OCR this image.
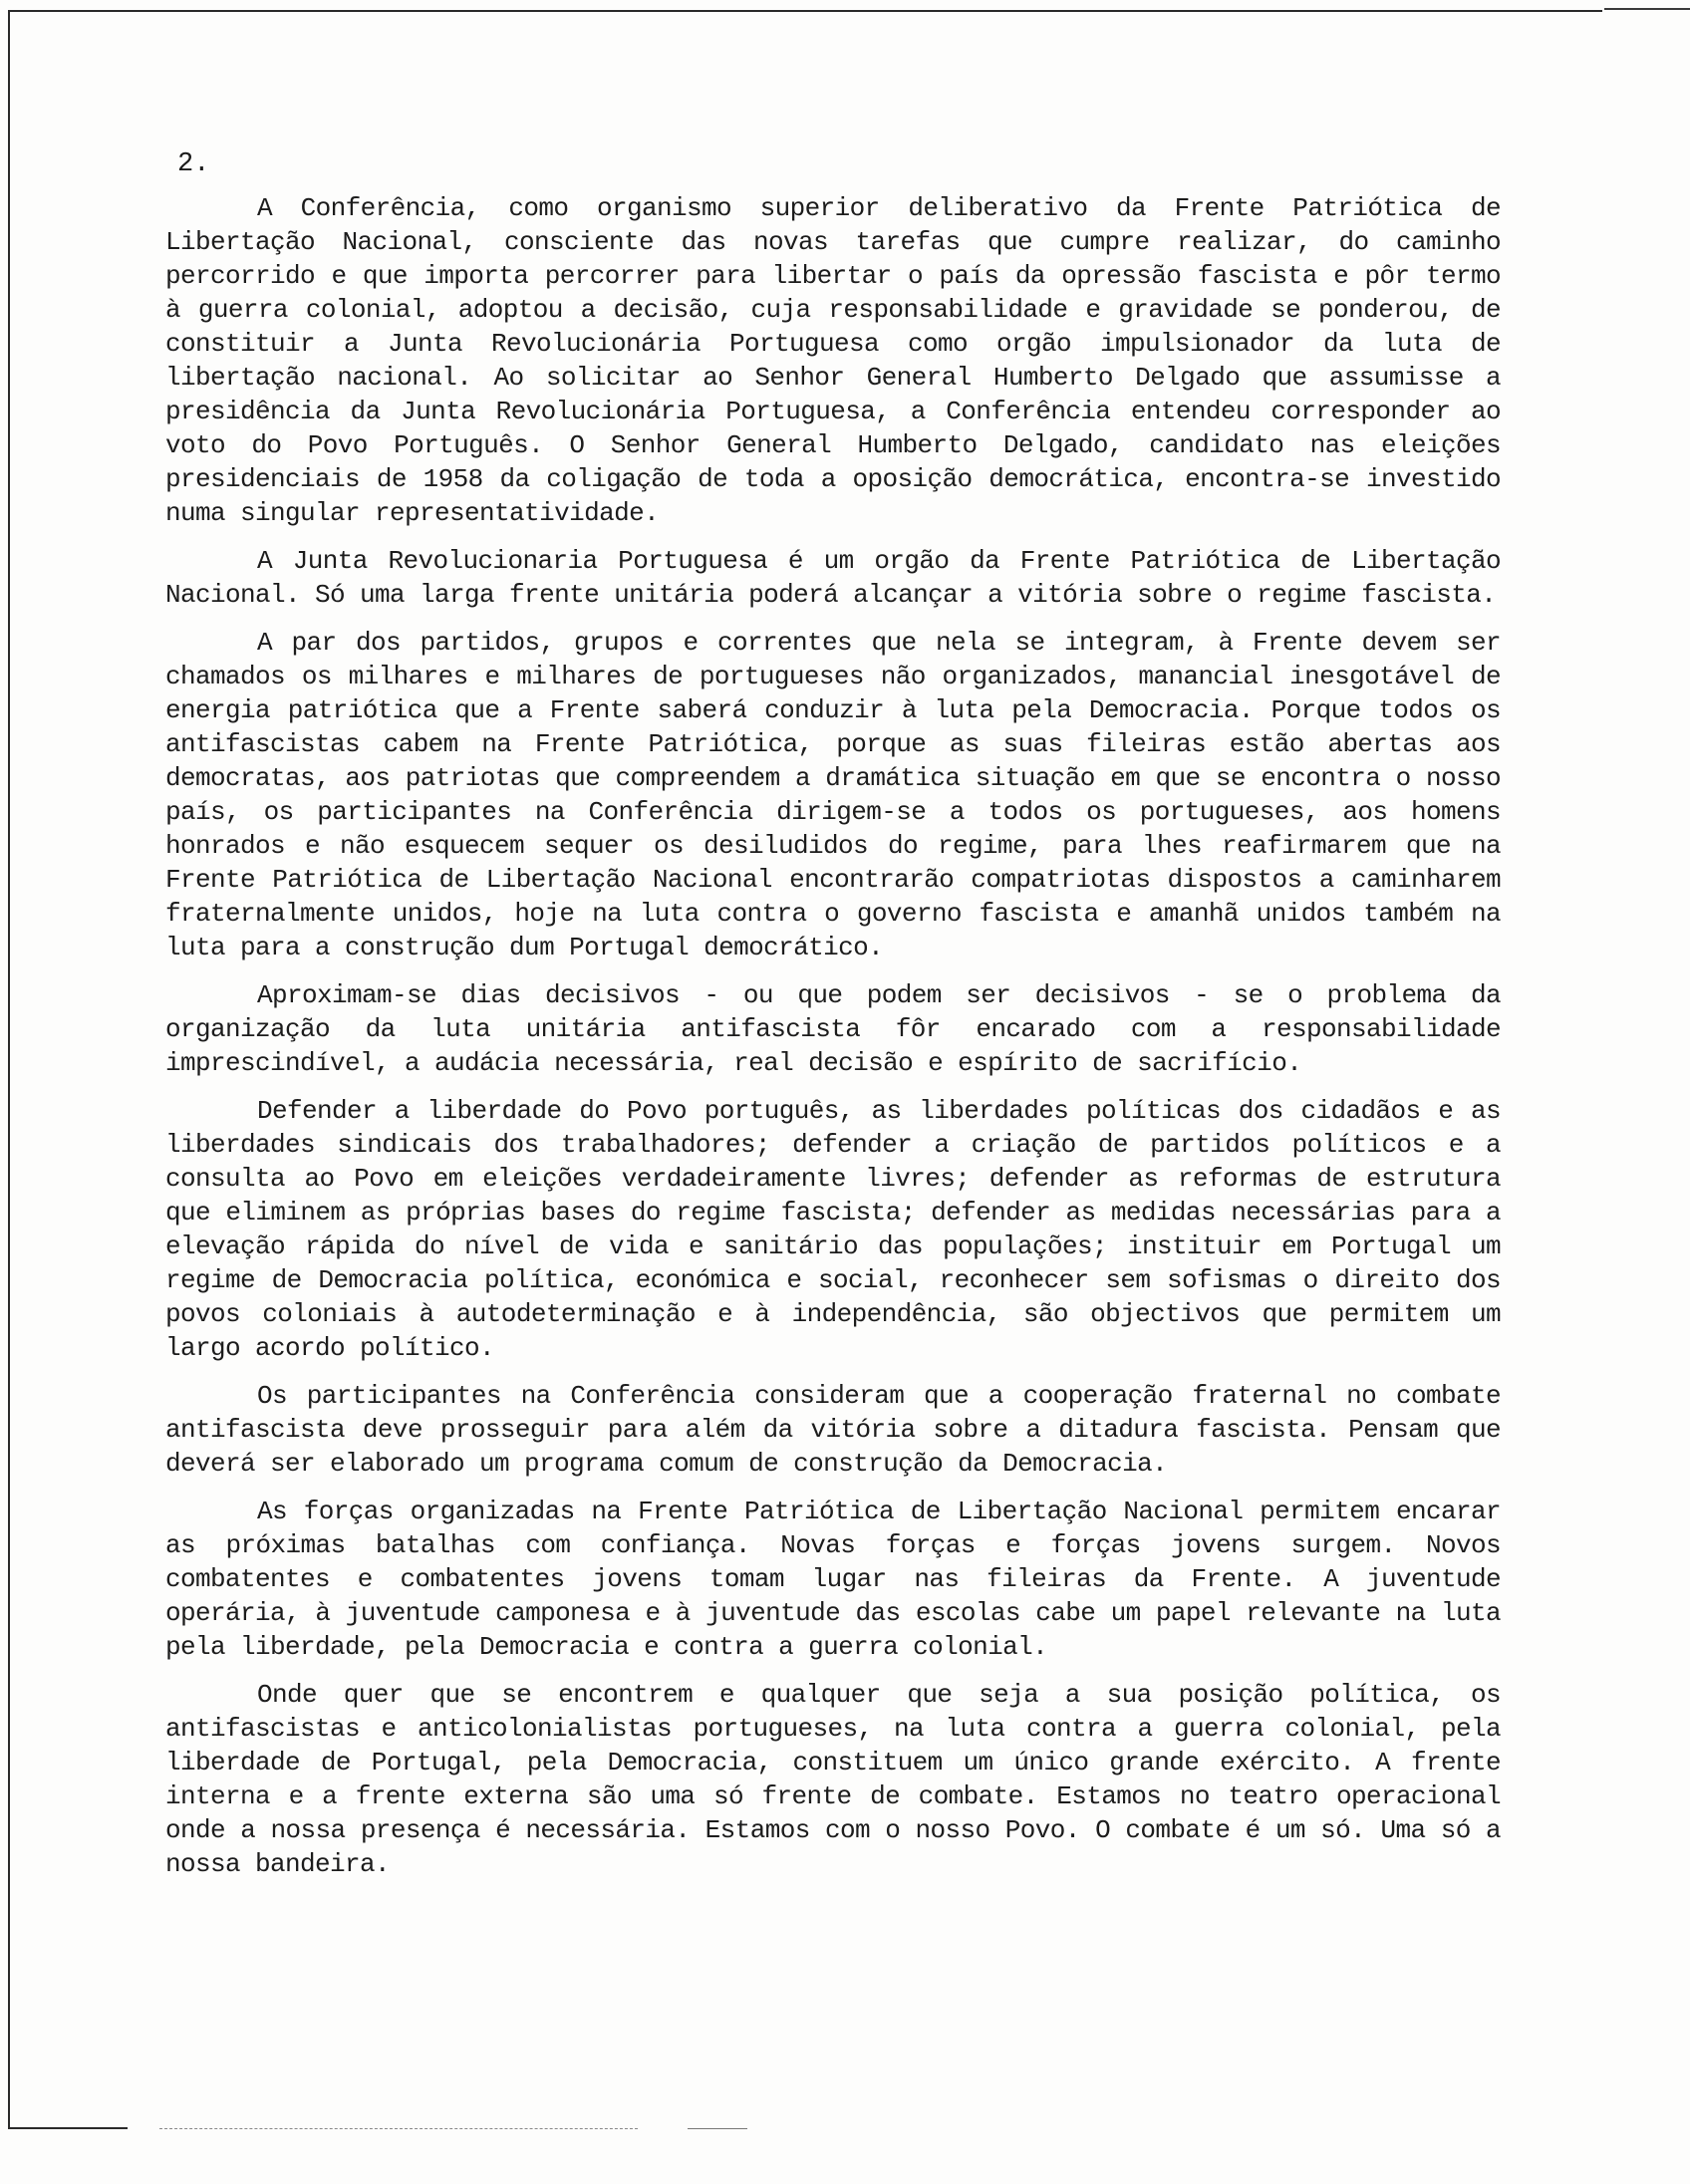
2.

A Conferência, como organismo superior deliberativo da Frente Patriótica de Libertação Nacional, consciente das novas tarefas que cumpre realizar, do caminho percorrido e que importa percorrer para libertar o país da opressão fascista e pôr termo à guerra colonial, adoptou a decisão, cuja responsabilidade e gravidade se ponderou, de constituir a Junta Revolucionária Portuguesa como orgão impulsionador da luta de libertação nacional. Ao solicitar ao Senhor General Humberto Delgado que assumisse a presidência da Junta Revolucionária Portuguesa, a Conferência entendeu corresponder ao voto do Povo Português. O Senhor General Humberto Delgado, candidato nas eleições presidenciais de 1958 da coligação de toda a oposição democrática, encontra-se investido numa singular representatividade.

A Junta Revolucionaria Portuguesa é um orgão da Frente Patriótica de Libertação Nacional. Só uma larga frente unitária poderá alcançar a vitória sobre o regime fascista.

A par dos partidos, grupos e correntes que nela se integram, à Frente devem ser chamados os milhares e milhares de portugueses não organizados, manancial inesgotável de energia patriótica que a Frente saberá conduzir à luta pela Democracia. Porque todos os antifascistas cabem na Frente Patriótica, porque as suas fileiras estão abertas aos democratas, aos patriotas que compreendem a dramática situação em que se encontra o nosso país, os participantes na Conferência dirigem-se a todos os portugueses, aos homens honrados e não esquecem sequer os desiludidos do regime, para lhes reafirmarem que na Frente Patriótica de Libertação Nacional encontrarão compatriotas dispostos a caminharem fraternalmente unidos, hoje na luta contra o governo fascista e amanhã unidos também na luta para a construção dum Portugal democrático.

Aproximam-se dias decisivos - ou que podem ser decisivos - se o problema da organização da luta unitária antifascista fôr encarado com a responsabilidade imprescindível, a audácia necessária, real decisão e espírito de sacrifício.

Defender a liberdade do Povo português, as liberdades políticas dos cidadãos e as liberdades sindicais dos trabalhadores; defender a criação de partidos políticos e a consulta ao Povo em eleições verdadeiramente livres; defender as reformas de estrutura que eliminem as próprias bases do regime fascista; defender as medidas necessárias para a elevação rápida do nível de vida e sanitário das populações; instituir em Portugal um regime de Democracia política, económica e social, reconhecer sem sofismas o direito dos povos coloniais à autodeterminação e à independência, são objectivos que permitem um largo acordo político.

Os participantes na Conferência consideram que a cooperação fraternal no combate antifascista deve prosseguir para além da vitória sobre a ditadura fascista. Pensam que deverá ser elaborado um programa comum de construção da Democracia.

As forças organizadas na Frente Patriótica de Libertação Nacional permitem encarar as próximas batalhas com confiança. Novas forças e forças jovens surgem. Novos combatentes e combatentes jovens tomam lugar nas fileiras da Frente. A juventude operária, à juventude camponesa e à juventude das escolas cabe um papel relevante na luta pela liberdade, pela Democracia e contra a guerra colonial.

Onde quer que se encontrem e qualquer que seja a sua posição política, os antifascistas e anticolonialistas portugueses, na luta contra a guerra colonial, pela liberdade de Portugal, pela Democracia, constituem um único grande exército. A frente interna e a frente externa são uma só frente de combate. Estamos no teatro operacional onde a nossa presença é necessária. Estamos com o nosso Povo. O combate é um só. Uma só a nossa bandeira.
